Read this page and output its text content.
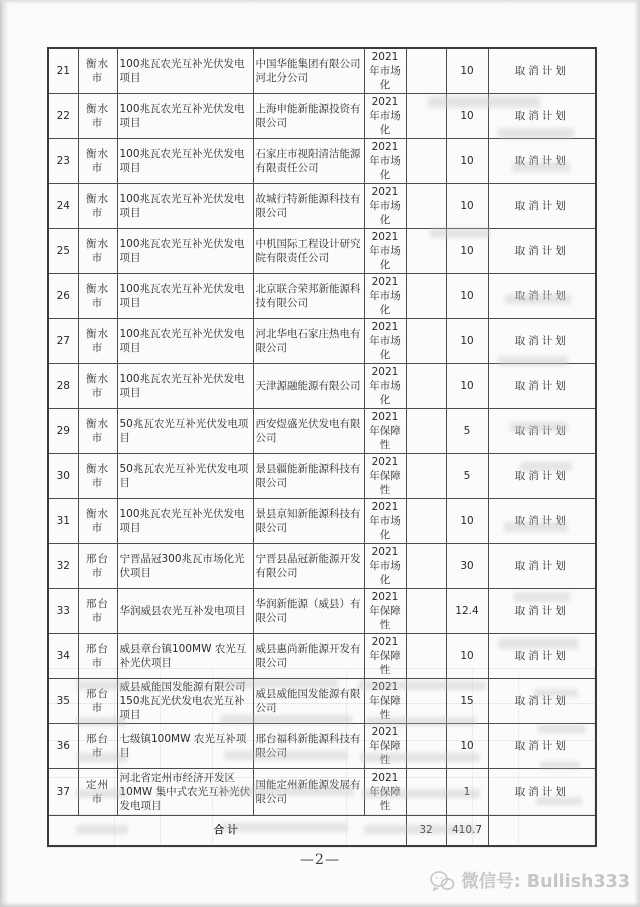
21	衡水市	100兆瓦农光互补光伏发电项目	中国华能集团有限公司河北分公司	2021年市场化		10	取消计划
22	衡水市	100兆瓦农光互补光伏发电项目	上海申能新能源投资有限公司	2021年市场化		10	取消计划
23	衡水市	100兆瓦农光互补光伏发电项目	石家庄市视阳清洁能源有限责任公司	2021年市场化		10	取消计划
24	衡水市	100兆瓦农光互补光伏发电项目	故城行特新能源科技有限公司	2021年市场化		10	取消计划
25	衡水市	100兆瓦农光互补光伏发电项目	中机国际工程设计研究院有限责任公司	2021年市场化		10	取消计划
26	衡水市	100兆瓦农光互补光伏发电项目	北京联合荣邦新能源科技有限公司	2021年市场化		10	取消计划
27	衡水市	100兆瓦农光互补光伏发电项目	河北华电石家庄热电有限公司	2021年市场化		10	取消计划
28	衡水市	100兆瓦农光互补光伏发电项目	天津源融能源有限公司	2021年市场化		10	取消计划
29	衡水市	50兆瓦农光互补光伏发电项目	西安煜盛光伏发电有限公司	2021年保障性		5	取消计划
30	衡水市	50兆瓦农光互补光伏发电项目	景县疆能新能源科技有限公司	2021年保障性		5	取消计划
31	衡水市	100兆瓦农光互补光伏发电项目	景县亰知新能源科技有限公司	2021年市场化		10	取消计划
32	邢台市	宁晋晶冠300兆瓦市场化光伏项目	宁晋县晶冠新能源开发有限公司	2021年市场化		30	取消计划
33	邢台市	华润威县农光互补发电项目	华润新能源（威县）有限公司	2021年保障性		12.4	取消计划
34	邢台市	威县章台镇100MW 农光互补光伏项目	威县惠尚新能源开发有限公司	2021年保障性		10	取消计划
35	邢台市	威县威能国发能源有限公司150兆瓦光伏发电农光互补项目	威县威能国发能源有限公司	2021年保障性		15	取消计划
36	邢台市	七级镇100MW 农光互补项目	邢台福科新能源科技有限公司	2021年保障性		10	取消计划
37	定州市	河北省定州市经济开发区10MW 集中式农光互补光伏发电项目	国能定州新能源发展有限公司	2021年保障性		1	取消计划
合计					32	410.7	
—2—
微信号: Bullish333
